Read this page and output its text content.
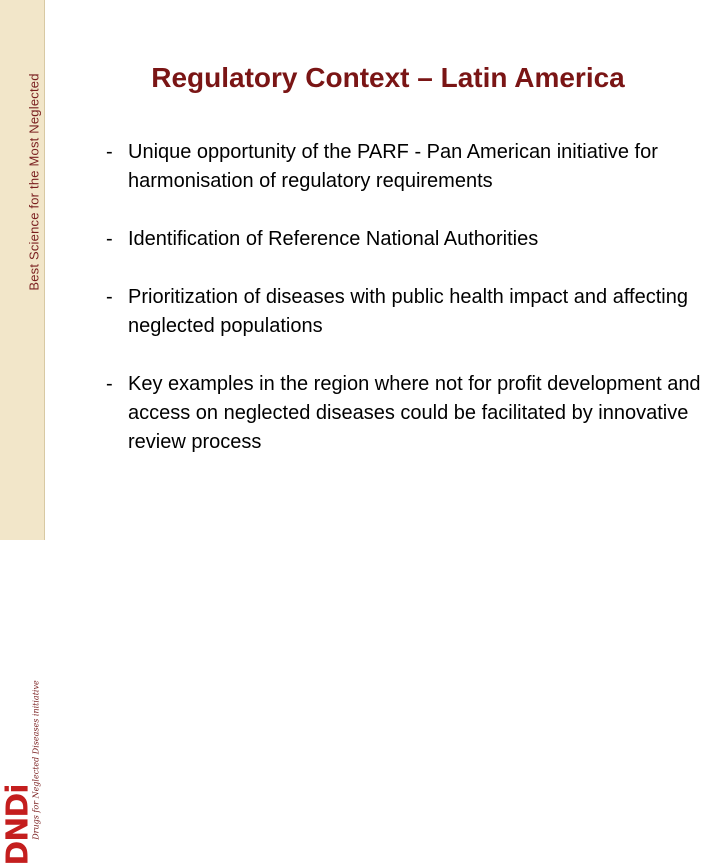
Best Science for the Most Neglected
Drugs for Neglected Diseases initiative
DNDi
Regulatory Context – Latin America
- Unique opportunity of the PARF - Pan American initiative for harmonisation of regulatory requirements
- Identification of Reference National Authorities
- Prioritization of diseases with public health impact and affecting neglected populations
- Key examples in the region where not for profit development and access on neglected diseases could be facilitated by innovative review process
